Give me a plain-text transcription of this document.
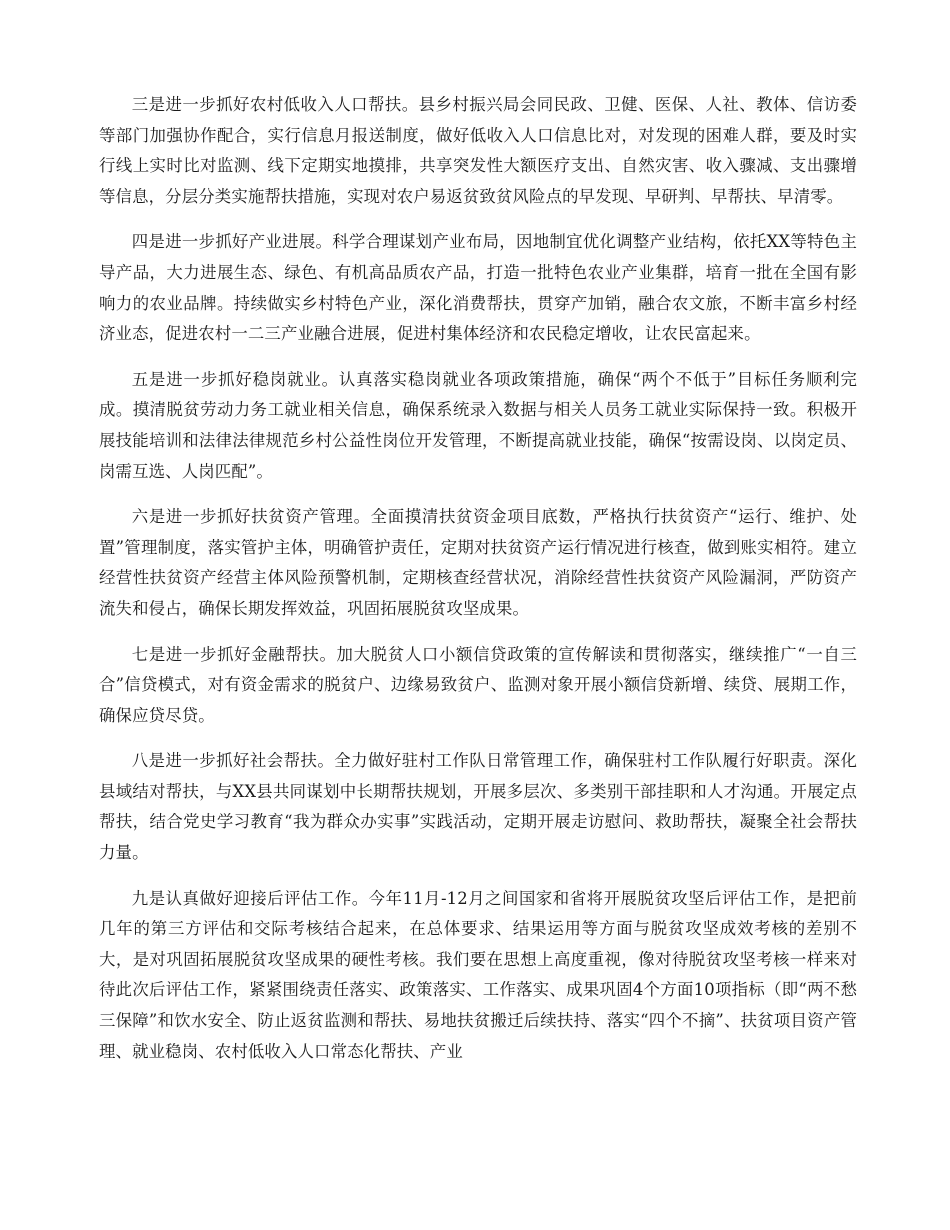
三是进一步抓好农村低收入人口帮扶。县乡村振兴局会同民政、卫健、医保、人社、教体、信访委等部门加强协作配合，实行信息月报送制度，做好低收入人口信息比对，对发现的困难人群，要及时实行线上实时比对监测、线下定期实地摸排，共享突发性大额医疗支出、自然灾害、收入骤减、支出骤增等信息，分层分类实施帮扶措施，实现对农户易返贫致贫风险点的早发现、早研判、早帮扶、早清零。

四是进一步抓好产业进展。科学合理谋划产业布局，因地制宜优化调整产业结构，依托XX等特色主导产品，大力进展生态、绿色、有机高品质农产品，打造一批特色农业产业集群，培育一批在全国有影响力的农业品牌。持续做实乡村特色产业，深化消费帮扶，贯穿产加销，融合农文旅，不断丰富乡村经济业态，促进农村一二三产业融合进展，促进村集体经济和农民稳定增收，让农民富起来。

五是进一步抓好稳岗就业。认真落实稳岗就业各项政策措施，确保“两个不低于”目标任务顺利完成。摸清脱贫劳动力务工就业相关信息，确保系统录入数据与相关人员务工就业实际保持一致。积极开展技能培训和法律法律规范乡村公益性岗位开发管理，不断提高就业技能，确保“按需设岗、以岗定员、岗需互选、人岗匹配”。

六是进一步抓好扶贫资产管理。全面摸清扶贫资金项目底数，严格执行扶贫资产“运行、维护、处置”管理制度，落实管护主体，明确管护责任，定期对扶贫资产运行情况进行核查，做到账实相符。建立经营性扶贫资产经营主体风险预警机制，定期核查经营状况，消除经营性扶贫资产风险漏洞，严防资产流失和侵占，确保长期发挥效益，巩固拓展脱贫攻坚成果。

七是进一步抓好金融帮扶。加大脱贫人口小额信贷政策的宣传解读和贯彻落实，继续推广“一自三合”信贷模式，对有资金需求的脱贫户、边缘易致贫户、监测对象开展小额信贷新增、续贷、展期工作，确保应贷尽贷。

八是进一步抓好社会帮扶。全力做好驻村工作队日常管理工作，确保驻村工作队履行好职责。深化县域结对帮扶，与XX县共同谋划中长期帮扶规划，开展多层次、多类别干部挂职和人才沟通。开展定点帮扶，结合党史学习教育“我为群众办实事”实践活动，定期开展走访慰问、救助帮扶，凝聚全社会帮扶力量。

九是认真做好迎接后评估工作。今年11月-12月之间国家和省将开展脱贫攻坚后评估工作，是把前几年的第三方评估和交际考核结合起来，在总体要求、结果运用等方面与脱贫攻坚成效考核的差别不大，是对巩固拓展脱贫攻坚成果的硬性考核。我们要在思想上高度重视，像对待脱贫攻坚考核一样来对待此次后评估工作，紧紧围绕责任落实、政策落实、工作落实、成果巩固4个方面10项指标（即“两不愁三保障”和饮水安全、防止返贫监测和帮扶、易地扶贫搬迁后续扶持、落实“四个不摘”、扶贫项目资产管理、就业稳岗、农村低收入人口常态化帮扶、产业
